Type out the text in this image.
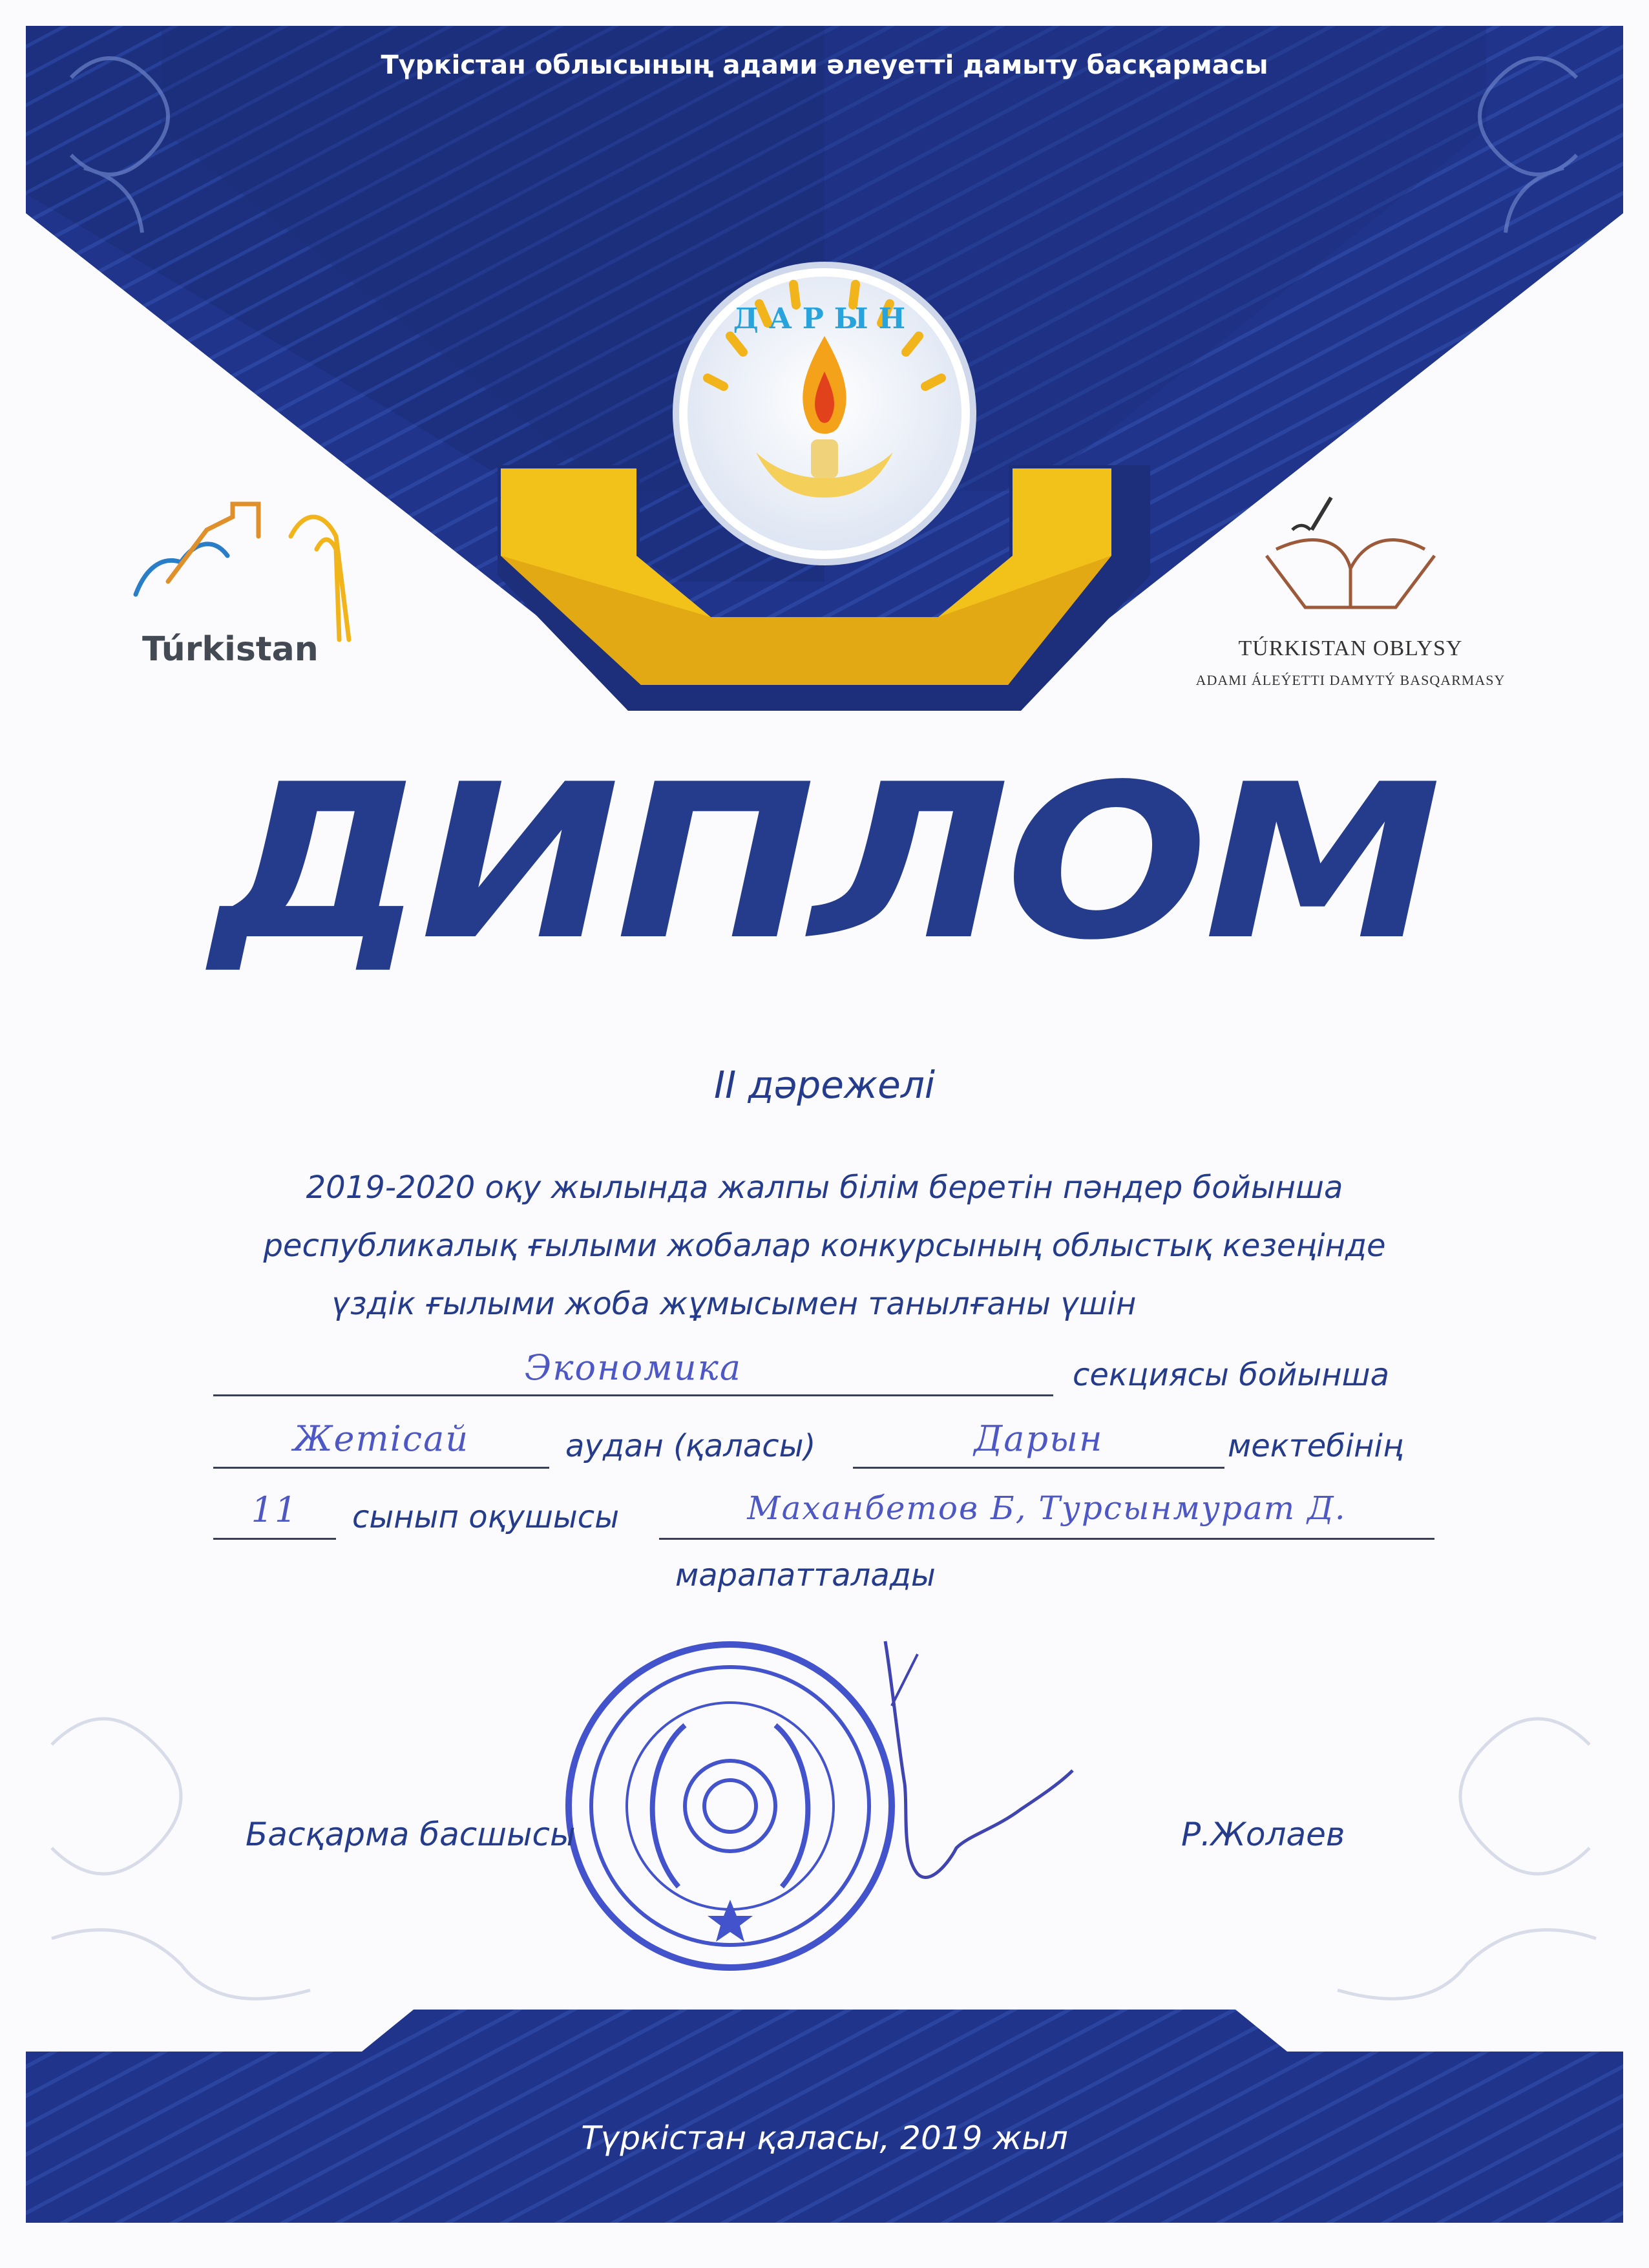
Түркістан облысының адами әлеуетті дамыту басқармасы
ДАРЫН
Túrkistan	TÚRKISTAN OBLYSY
ADAMI ÁLEÝETTI DAMYTÝ BASQARMASY
ДИПЛОМ
II дәрежелі
2019-2020 оқу жылында жалпы білім беретін пәндер бойынша
республикалық ғылыми жобалар конкурсының облыстық кезеңінде
үздік ғылыми жоба жұмысымен танылғаны үшін
Экономика	секциясы бойынша
Жетісай	аудан (қаласы)	Дарын	мектебінің
11	сынып оқушысы	Маханбетов Б, Турсынмурат Д.
марапатталады
Басқарма басшысы	Р.Жолаев
Түркістан қаласы, 2019 жыл
